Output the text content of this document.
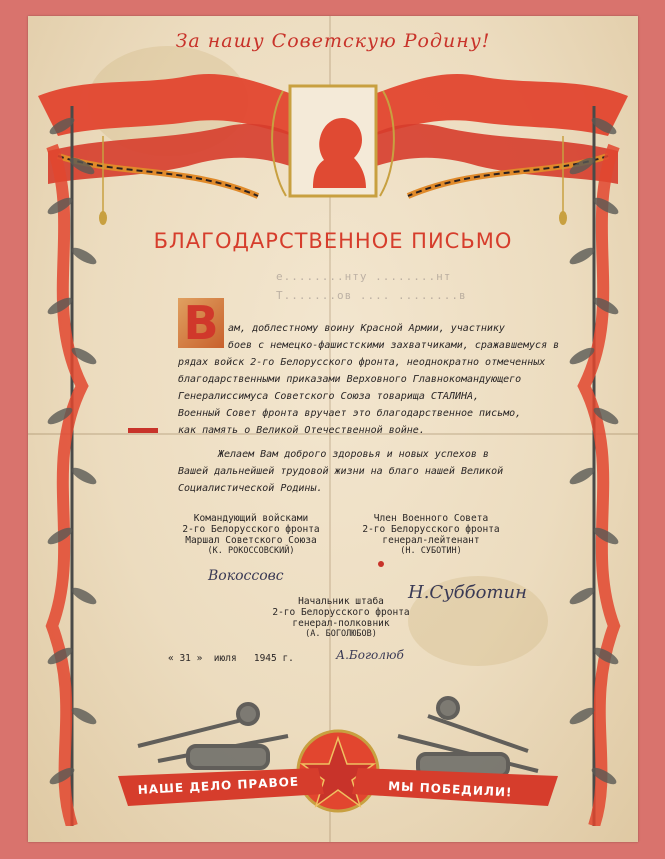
За нашу Советскую Родину!
БЛАГОДАРСТВЕННОЕ ПИСЬМО
е........нту ........нт
Т.......ов .... ........в
В ам, доблестному воину Красной Армии, участнику
боев с немецко-фашистскими захватчиками, сражавшемуся в
рядах войск 2-го Белорусского фронта, неоднократно отмеченных
благодарственными приказами Верховного Главнокомандующего
Генералиссимуса Советского Союза товарища СТАЛИНА,
Военный Совет фронта вручает это благодарственное письмо,
как память о Великой Отечественной войне.
Желаем Вам доброго здоровья и новых успехов в
Вашей дальнейшей трудовой жизни на благо нашей Великой
Социалистической Родины.
Командующий войсками
2-го Белорусского фронта
Маршал Советского Союза
(К. РОКОССОВСКИЙ)
Член Военного Совета
2-го Белорусского фронта
генерал-лейтенант
(Н. СУБОТИН)
Вокоссовс
Н.Субботин
Начальник штаба
2-го Белорусского фронта
генерал-полковник
(А. БОГОЛЮБОВ)
« 31 »  июля 1945 г.	А.Боголюб
НАШЕ ДЕЛО ПРАВОЕ	МЫ ПОБЕДИЛИ!
